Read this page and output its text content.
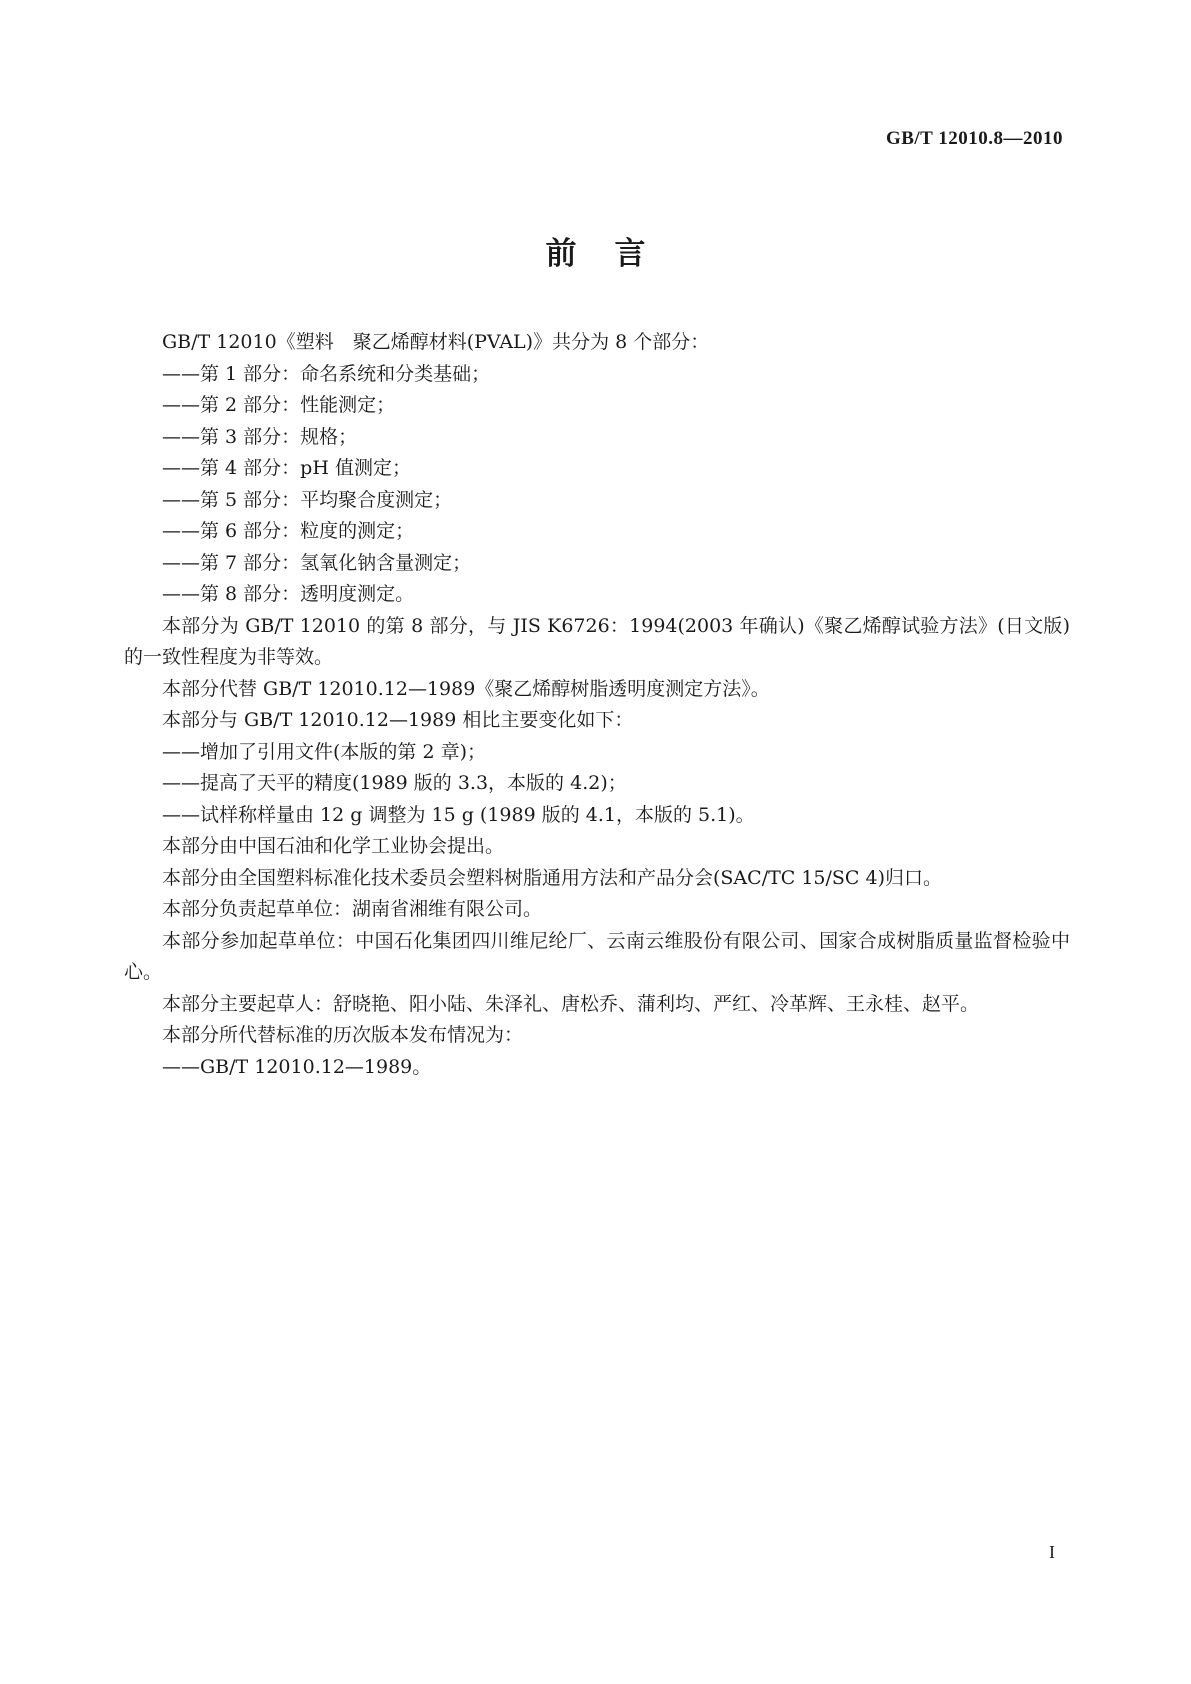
GB/T 12010.8—2010
前言
GB/T 12010《塑料　聚乙烯醇材料(PVAL)》共分为 8 个部分：
——第 1 部分：命名系统和分类基础；
——第 2 部分：性能测定；
——第 3 部分：规格；
——第 4 部分：pH 值测定；
——第 5 部分：平均聚合度测定；
——第 6 部分：粒度的测定；
——第 7 部分：氢氧化钠含量测定；
——第 8 部分：透明度测定。
本部分为 GB/T 12010 的第 8 部分，与 JIS K6726：1994(2003 年确认)《聚乙烯醇试验方法》(日文版)的一致性程度为非等效。
本部分代替 GB/T 12010.12—1989《聚乙烯醇树脂透明度测定方法》。
本部分与 GB/T 12010.12—1989 相比主要变化如下：
——增加了引用文件(本版的第 2 章)；
——提高了天平的精度(1989 版的 3.3，本版的 4.2)；
——试样称样量由 12 g 调整为 15 g (1989 版的 4.1，本版的 5.1)。
本部分由中国石油和化学工业协会提出。
本部分由全国塑料标准化技术委员会塑料树脂通用方法和产品分会(SAC/TC 15/SC 4)归口。
本部分负责起草单位：湖南省湘维有限公司。
本部分参加起草单位：中国石化集团四川维尼纶厂、云南云维股份有限公司、国家合成树脂质量监督检验中心。
本部分主要起草人：舒晓艳、阳小陆、朱泽礼、唐松乔、蒲利均、严红、冷革辉、王永桂、赵平。
本部分所代替标准的历次版本发布情况为：
——GB/T 12010.12—1989。
I
